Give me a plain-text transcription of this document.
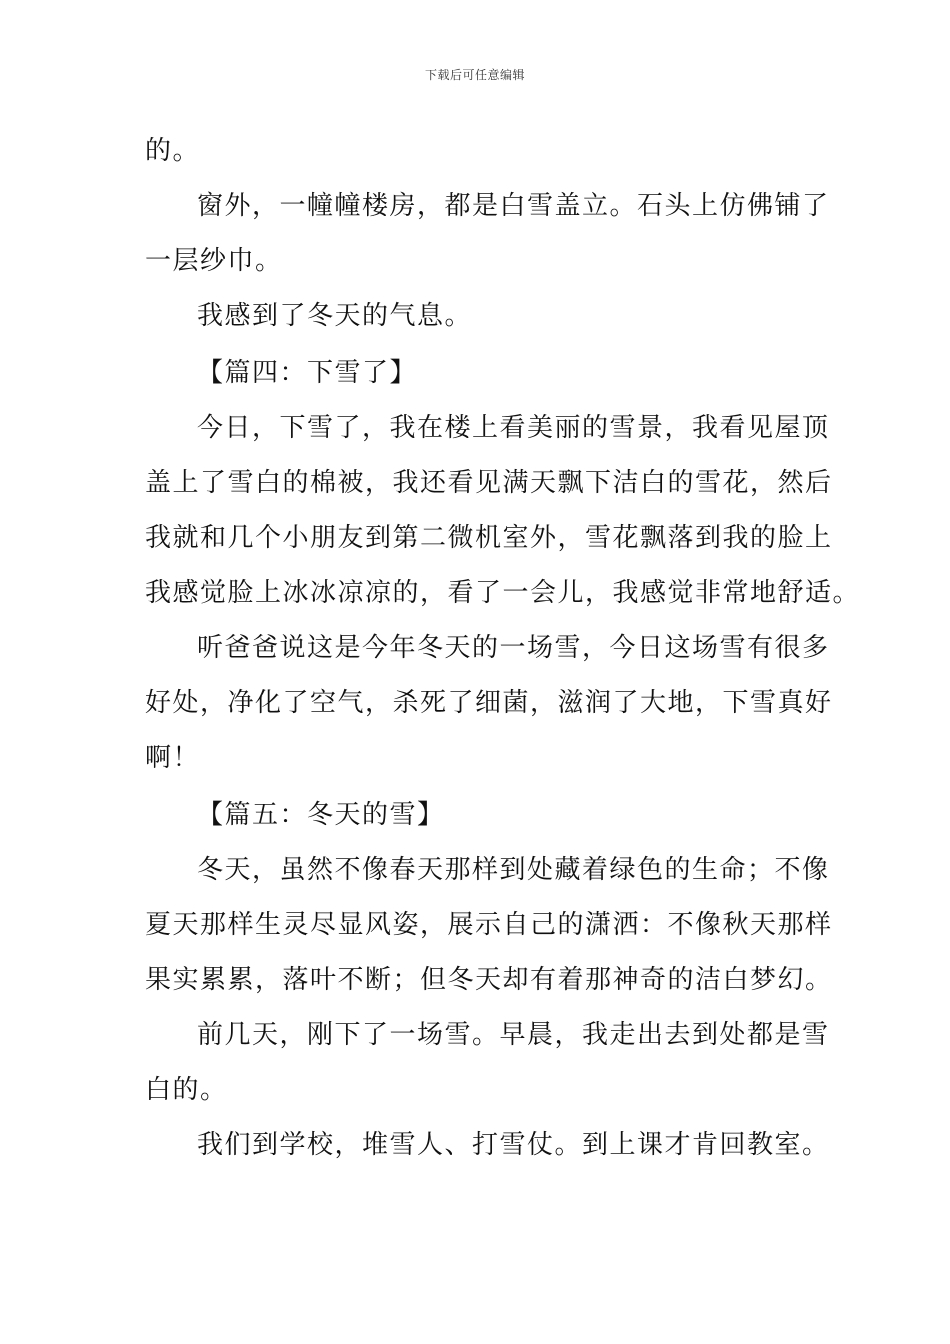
下载后可任意编辑

的。

窗外，一幢幢楼房，都是白雪盖立。石头上仿佛铺了

一层纱巾。

我感到了冬天的气息。

【篇四：下雪了】

今日，下雪了，我在楼上看美丽的雪景，我看见屋顶

盖上了雪白的棉被，我还看见满天飘下洁白的雪花，然后

我就和几个小朋友到第二微机室外，雪花飘落到我的脸上

我感觉脸上冰冰凉凉的，看了一会儿，我感觉非常地舒适。

听爸爸说这是今年冬天的一场雪，今日这场雪有很多

好处，净化了空气，杀死了细菌，滋润了大地，下雪真好

啊！

【篇五：冬天的雪】

冬天，虽然不像春天那样到处藏着绿色的生命；不像

夏天那样生灵尽显风姿，展示自己的潇洒：不像秋天那样

果实累累，落叶不断；但冬天却有着那神奇的洁白梦幻。

前几天，刚下了一场雪。早晨，我走出去到处都是雪

白的。

我们到学校，堆雪人、打雪仗。到上课才肯回教室。
